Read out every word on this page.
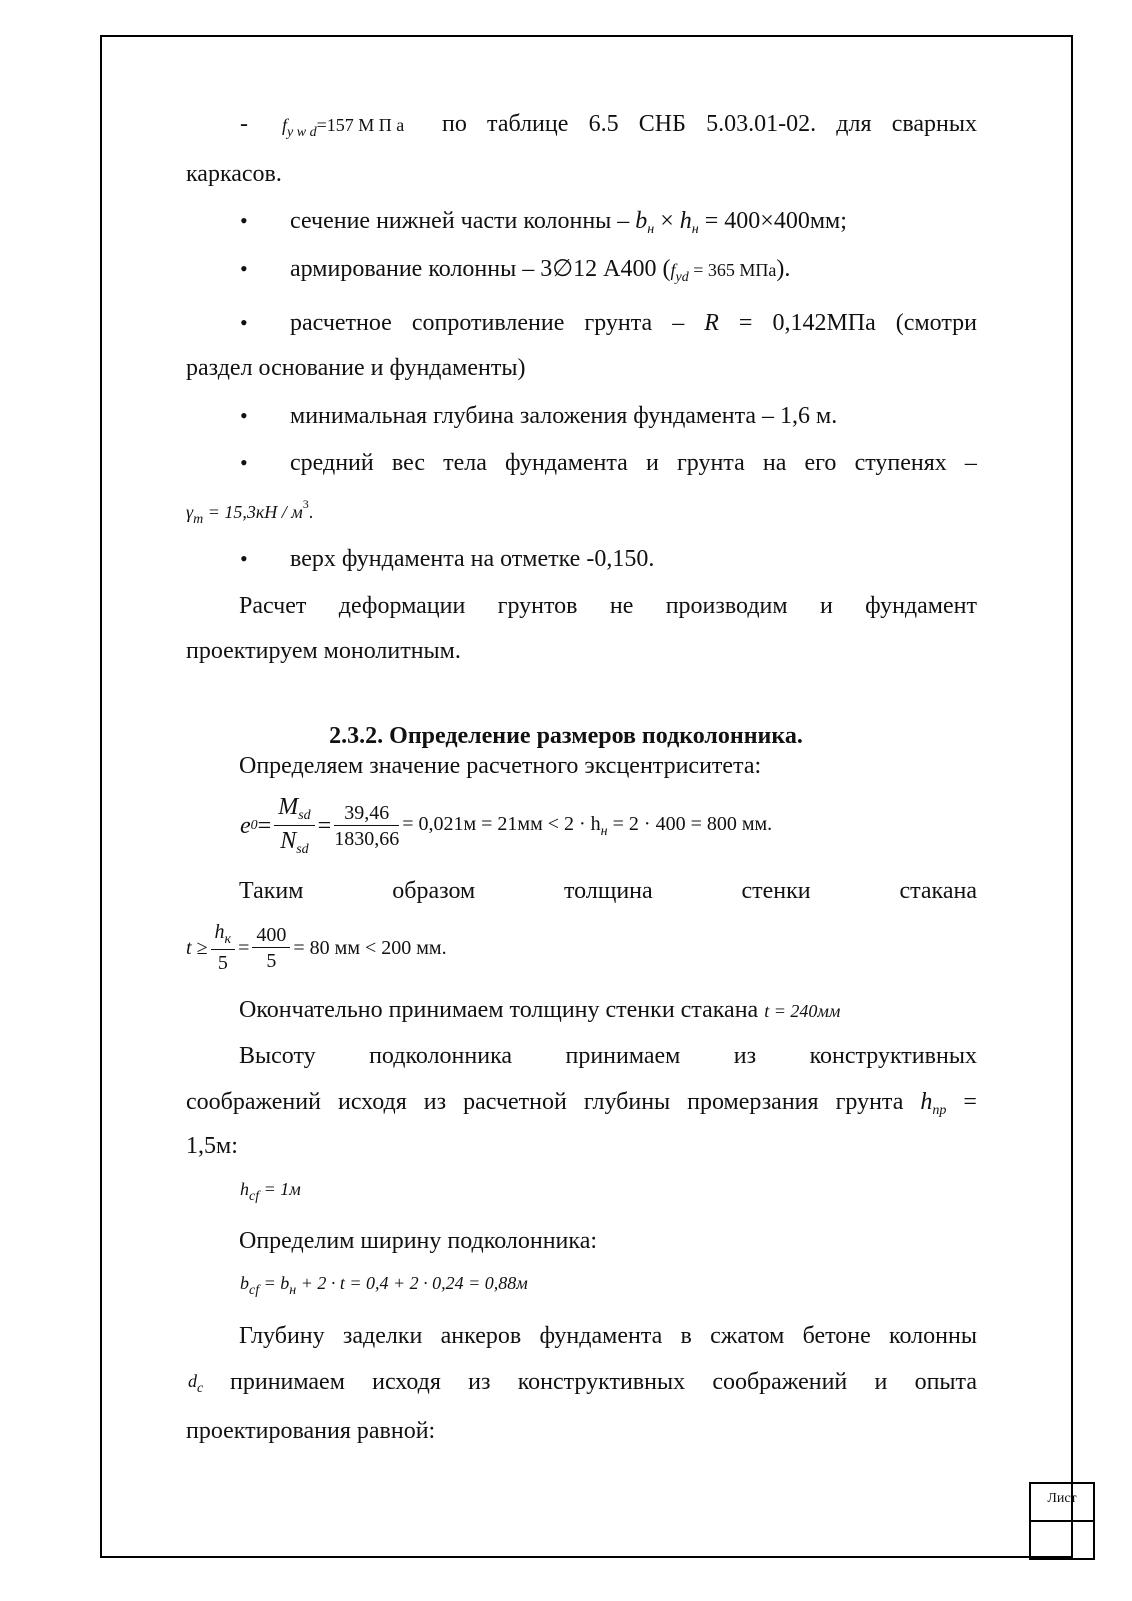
Лист
- $f_{y w d}=157$ М П а по таблице 6.5 СНБ 5.03.01-02. для сварных
каркасов.
• сечение нижней части колонны – $b_н \times h_н = 400\times 400мм$;
• армирование колонны – 3∅12 А400 ($f_{yd} = 365$ МПа).
• расчетное сопротивление грунта – R = 0,142МПа (смотри
раздел основание и фундаменты)
• минимальная глубина заложения фундамента – 1,6 м.
• средний вес тела фундамента и грунта на его ступенях –
$\gamma_m = 15,3кН / м^3$.
• верх фундамента на отметке -0,150.
Расчет деформации грунтов не производим и фундамент
проектируем монолитным.
2.3.2. Определение размеров подколонника.
Определяем значение расчетного эксцентриситета:
e $0 = \frac{M_{sd}}{N_{sd}} = \frac{39,46}{1830,66} = 0,021м = 21мм < 2 \cdot h_н = 2 \cdot 400 = 800$ мм.
Таким	образом	толщина	стенки	стакана
$t \ge \frac{h_к}{5} = \frac{400}{5} = 80$ мм < 200 мм .
Окончательно принимаем толщину стенки стакана t = 240мм
Высоту подколонника принимаем из конструктивных
соображений исходя из расчетной глубины промерзания грунта $h_{пр}$ =
1,5м:
$h_{cf} = 1м$
Определим ширину подколонника:
$b_{cf} = b_н + 2 \cdot t = 0,4 + 2 \cdot 0,24 = 0,88м$
Глубину заделки анкеров фундамента в сжатом бетоне колонны
$d_c$ принимаем исходя из конструктивных соображений и опыта
проектирования равной:
